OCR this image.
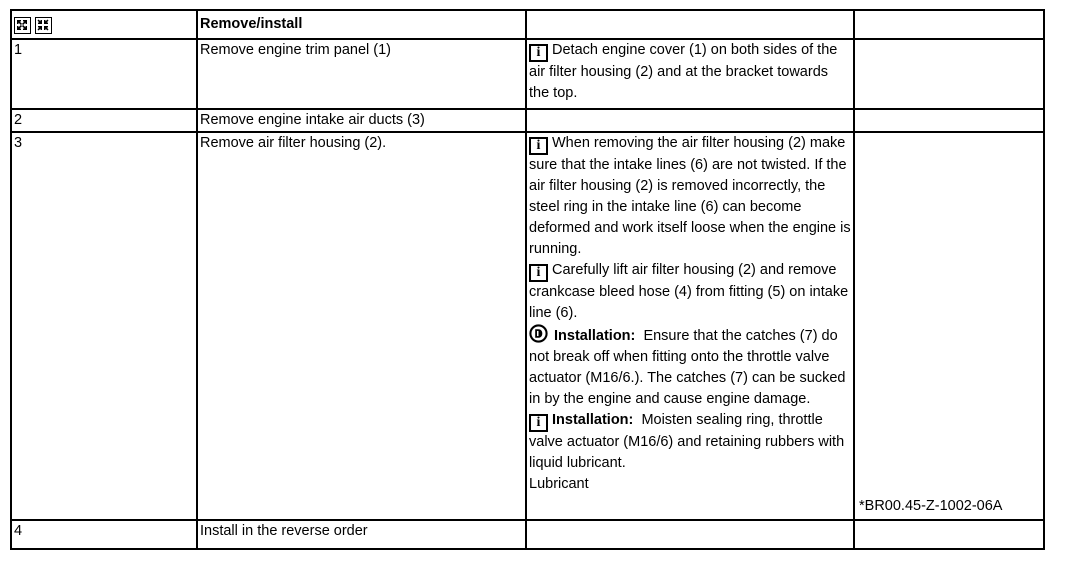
	Remove/install		
1	Remove engine trim panel (1)	i Detach engine cover (1) on both sides of the air filter housing (2) and at the bracket towards the top.	

2	Remove engine intake air ducts (3)		
3	Remove air filter housing (2).	i When removing the air filter housing (2) make sure that the intake lines (6) are not twisted. If the air filter housing (2) is removed incorrectly, the steel ring in the intake line (6) can become deformed and work itself loose when the engine is running.
i Carefully lift air filter housing (2) and remove crankcase bleed hose (4) from fitting (5) on intake line (6).
Installation: Ensure that the catches (7) do not break off when fitting onto the throttle valve actuator (M16/6.). The catches (7) can be sucked in by the engine and cause engine damage.
i Installation: Moisten sealing ring, throttle valve actuator (M16/6) and retaining rubbers with liquid lubricant.
Lubricant	*BR00.45-Z-1002-06A

4	Install in the reverse order		
